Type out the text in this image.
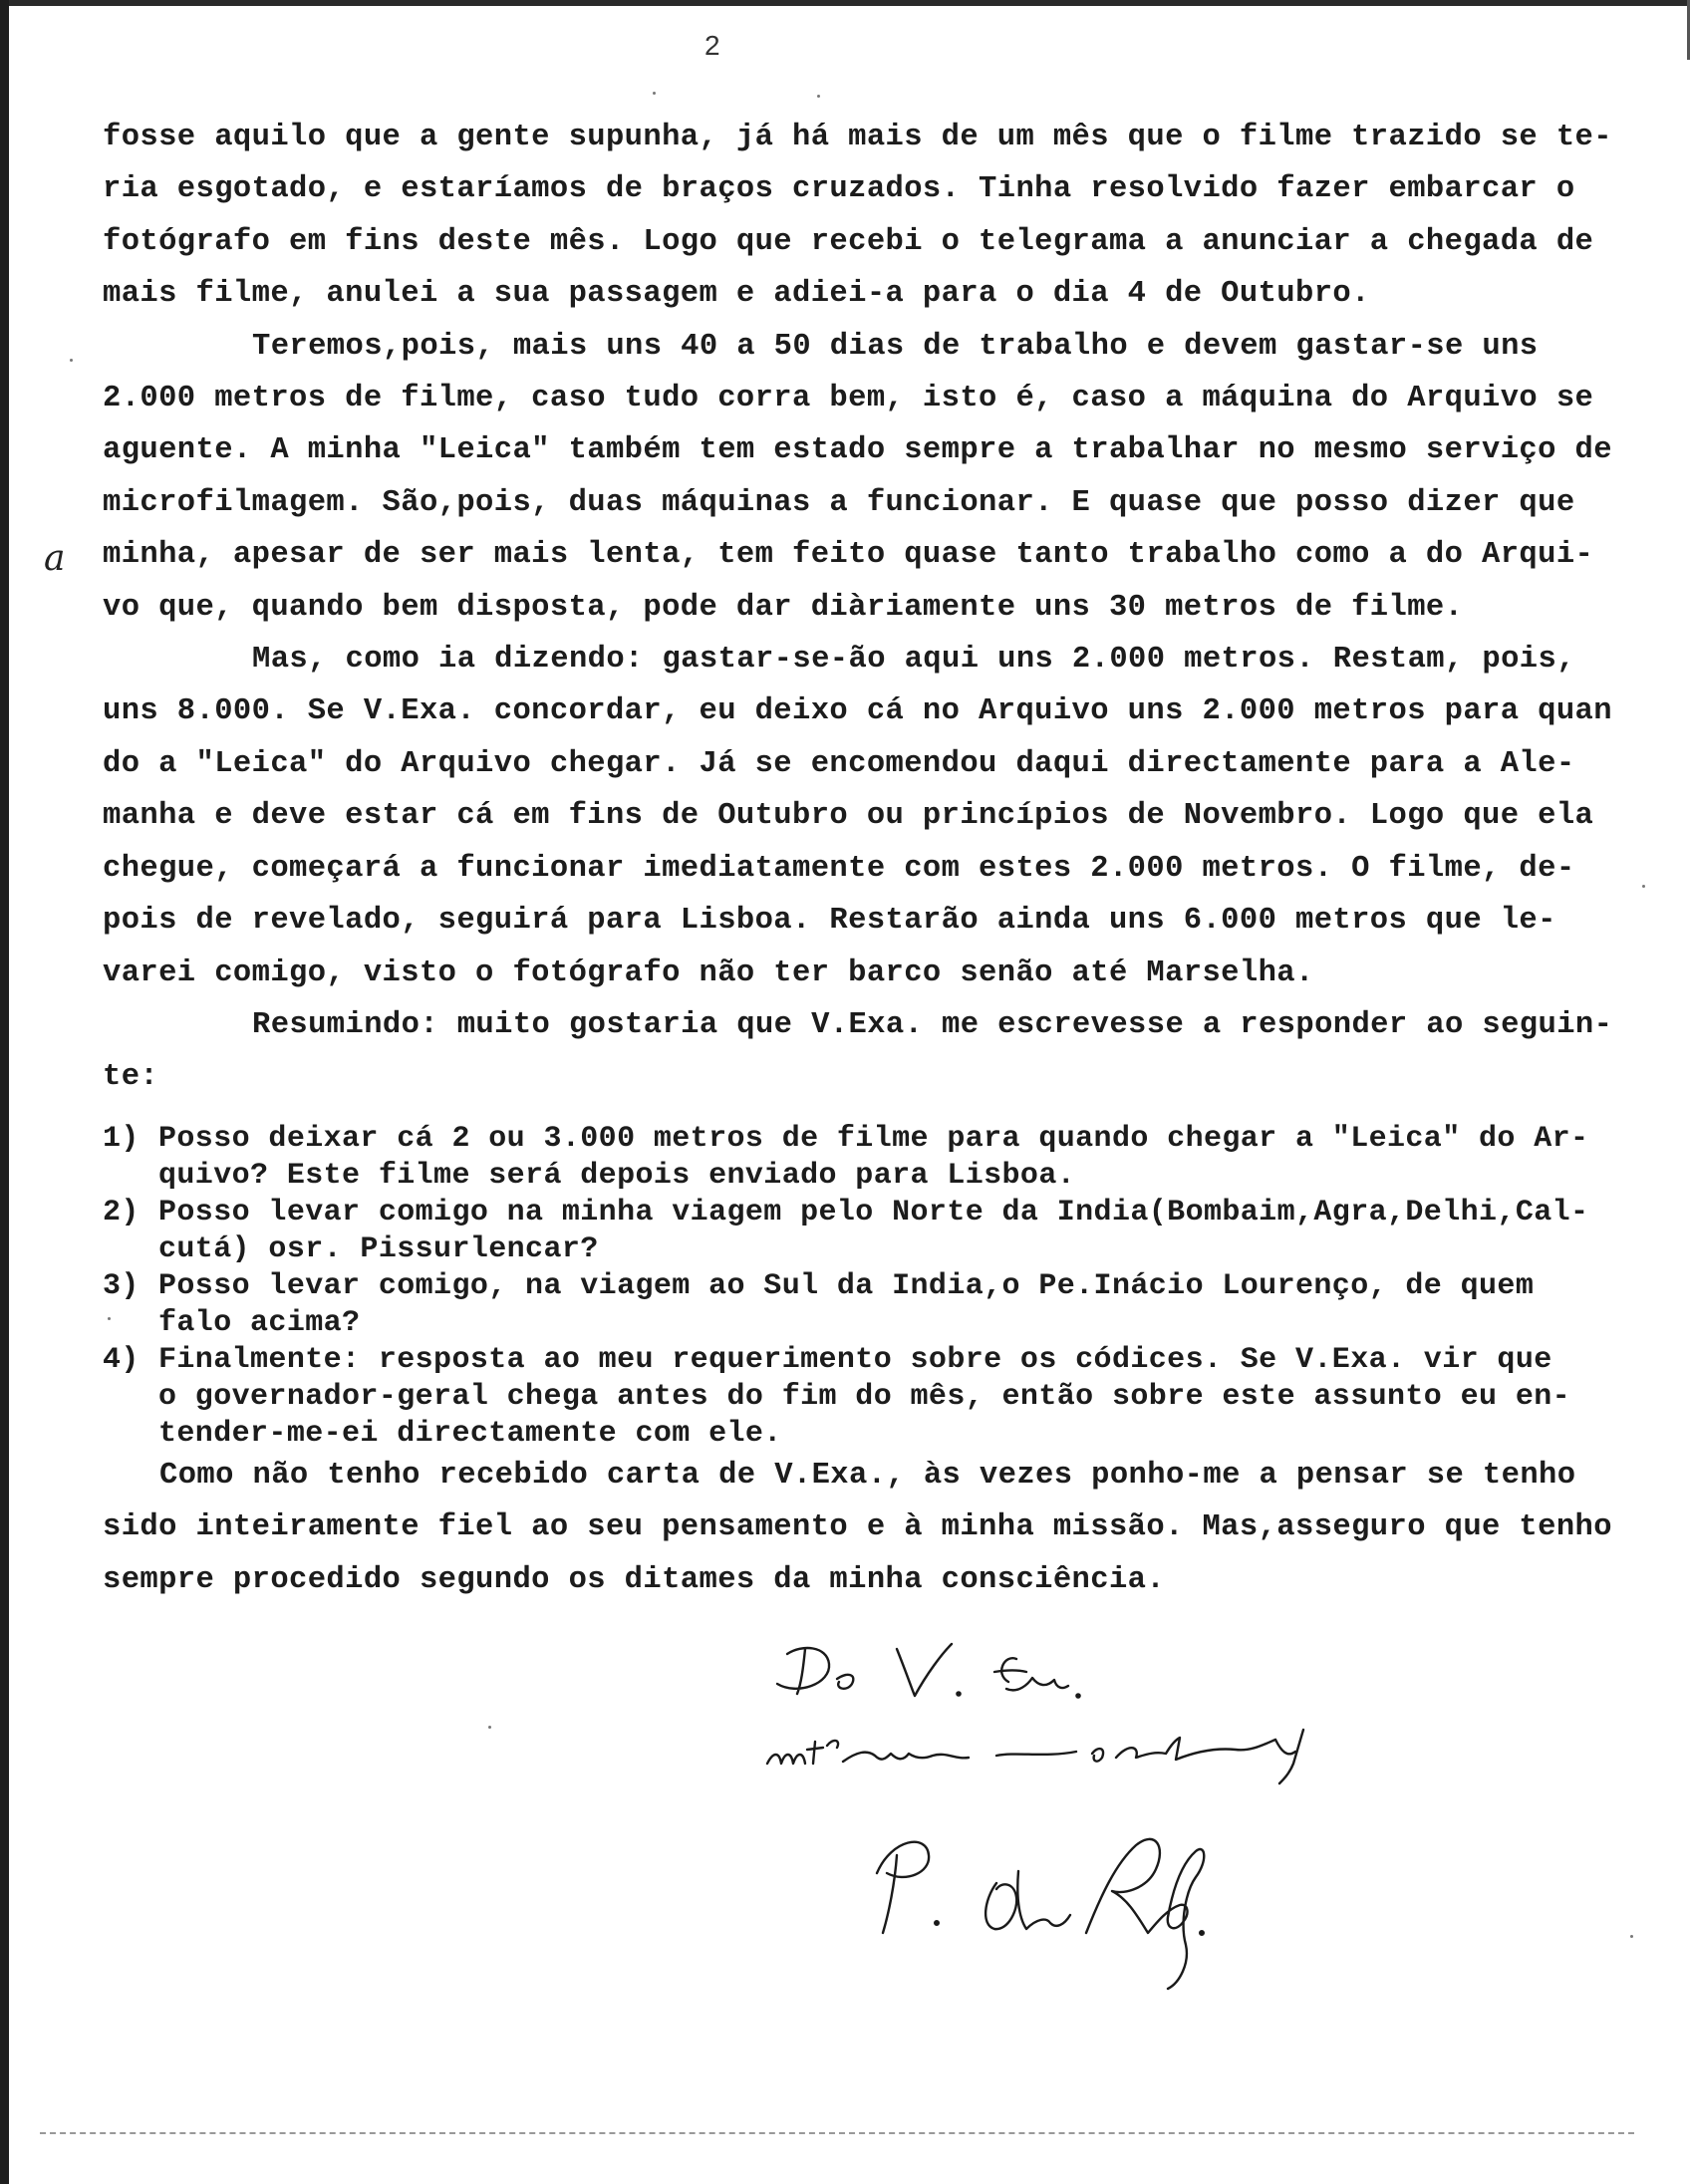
2
a

fosse aquilo que a gente supunha, já há mais de um mês que o filme trazido se te-

ria esgotado, e estaríamos de braços cruzados. Tinha resolvido fazer embarcar o

fotógrafo em fins deste mês. Logo que recebi o telegrama a anunciar a chegada de

mais filme, anulei a sua passagem e adiei-a para o dia 4 de Outubro.

Teremos,pois, mais uns 40 a 50 dias de trabalho e devem gastar-se uns

2.000 metros de filme, caso tudo corra bem, isto é, caso a máquina do Arquivo se

aguente. A minha "Leica" também tem estado sempre a trabalhar no mesmo serviço de

microfilmagem. São,pois, duas máquinas a funcionar. E quase que posso dizer que

minha, apesar de ser mais lenta, tem feito quase tanto trabalho como a do Arqui-

vo que, quando bem disposta, pode dar diàriamente uns 30 metros de filme.

Mas, como ia dizendo: gastar-se-ão aqui uns 2.000 metros. Restam, pois,

uns 8.000. Se V.Exa. concordar, eu deixo cá no Arquivo uns 2.000 metros para quan

do a "Leica" do Arquivo chegar. Já se encomendou daqui directamente para a Ale-

manha e deve estar cá em fins de Outubro ou princípios de Novembro. Logo que ela

chegue, começará a funcionar imediatamente com estes 2.000 metros. O filme, de-

pois de revelado, seguirá para Lisboa. Restarão ainda uns 6.000 metros que le-

varei comigo, visto o fotógrafo não ter barco senão até Marselha.

Resumindo: muito gostaria que V.Exa. me escrevesse a responder ao seguin-

te:

1) Posso deixar cá 2 ou 3.000 metros de filme para quando chegar a "Leica" do Ar-

quivo? Este filme será depois enviado para Lisboa.

2) Posso levar comigo na minha viagem pelo Norte da India(Bombaim,Agra,Delhi,Cal-

cutá) osr. Pissurlencar?

3) Posso levar comigo, na viagem ao Sul da India,o Pe.Inácio Lourenço, de quem

falo acima?

4) Finalmente: resposta ao meu requerimento sobre os códices. Se V.Exa. vir que

o governador-geral chega antes do fim do mês, então sobre este assunto eu en-

tender-me-ei directamente com ele.

Como não tenho recebido carta de V.Exa., às vezes ponho-me a pensar se tenho

sido inteiramente fiel ao seu pensamento e à minha missão. Mas,asseguro que tenho

sempre procedido segundo os ditames da minha consciência.
